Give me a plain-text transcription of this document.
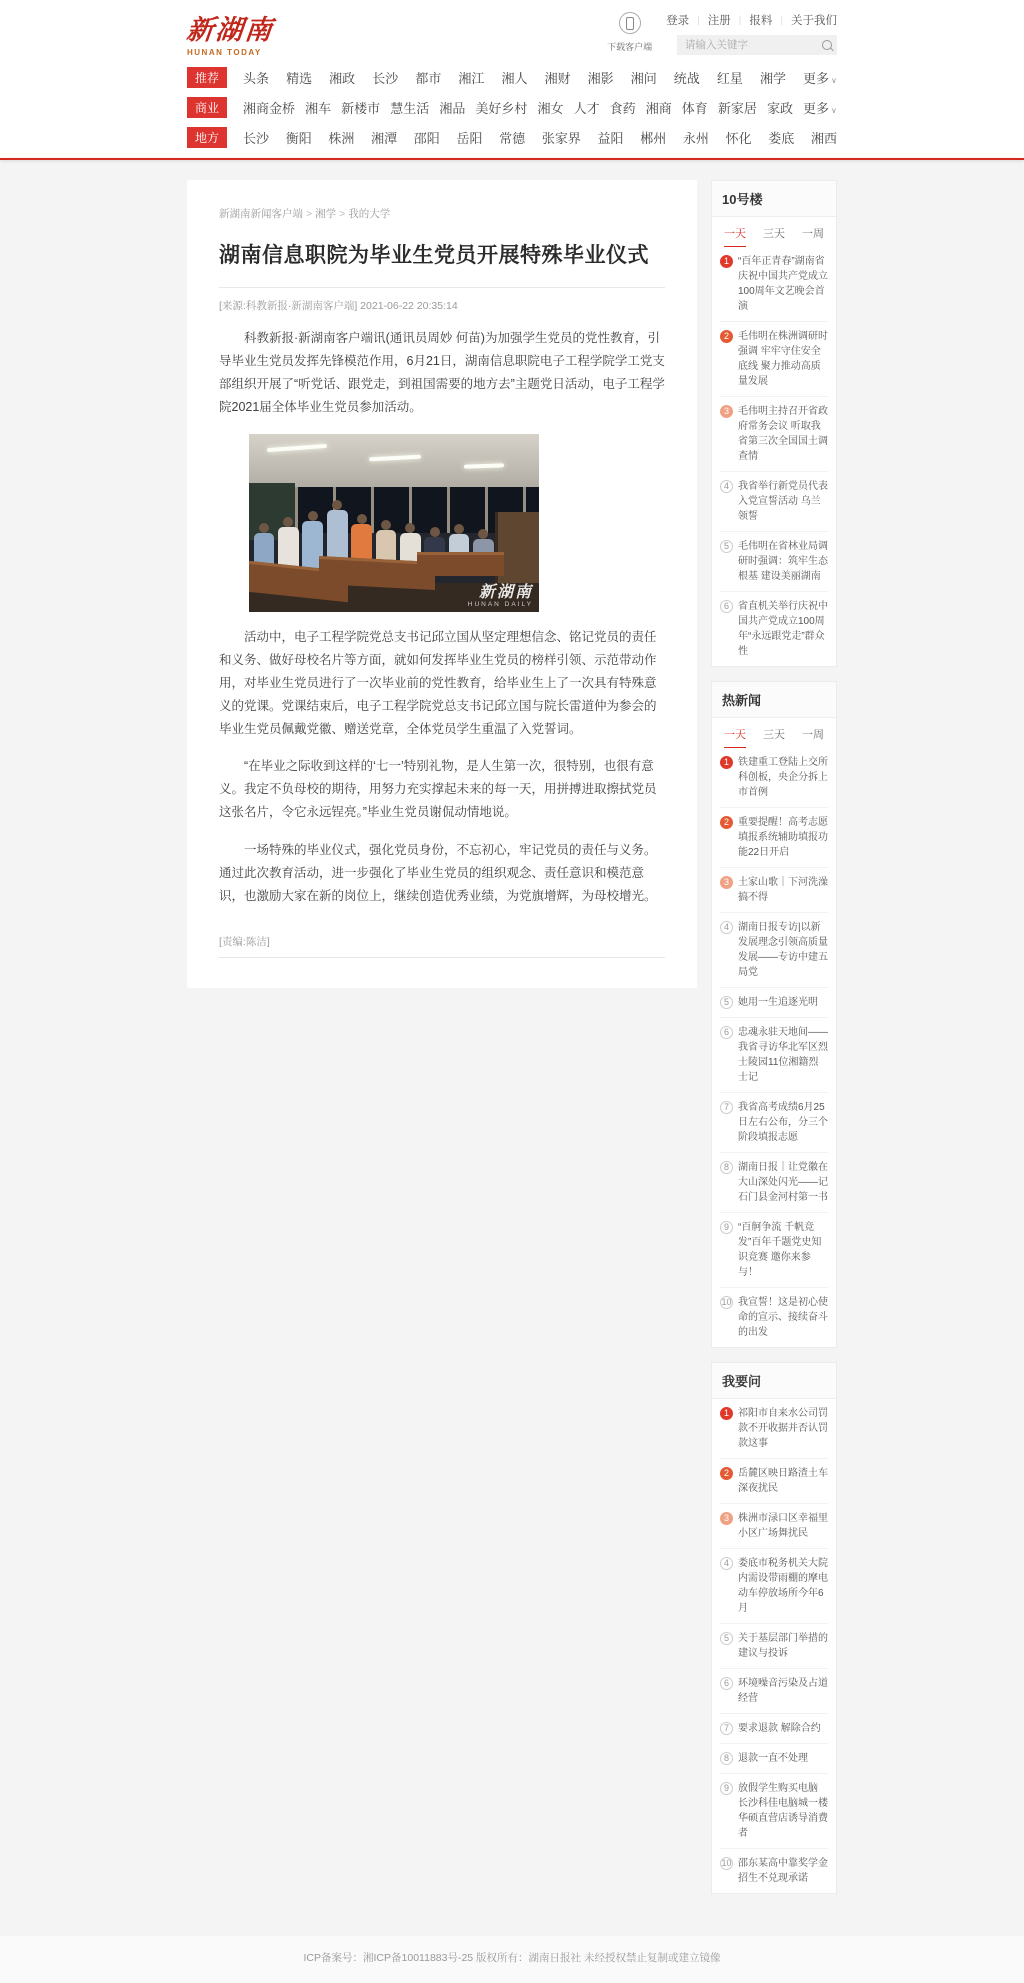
新湖南
HUNAN TODAY
下载客户端
登录 | 注册 | 报料 | 关于我们
请输入关键字
推荐	头条 精选 湘政 长沙 都市 湘江 湘人 湘财 湘影 湘问 统战 红星 湘学 更多 ∨
商业	湘商金桥 湘车 新楼市 慧生活 湘品 美好乡村 湘女 人才 食药 湘商 体育 新家居 家政 更多 ∨
地方	长沙 衡阳 株洲 湘潭 邵阳 岳阳 常德 张家界 益阳 郴州 永州 怀化 娄底 湘西
新湖南新闻客户端 > 湘学 > 我的大学
湖南信息职院为毕业生党员开展特殊毕业仪式
[来源:科教新报·新湖南客户端] 2021-06-22 20:35:14

科教新报·新湖南客户端讯(通讯员周妙 何苗)为加强学生党员的党性教育，引导毕业生党员发挥先锋模范作用，6月21日，湖南信息职院电子工程学院学工党支部组织开展了“听党话、跟党走，到祖国需要的地方去”主题党日活动，电子工程学院2021届全体毕业生党员参加活动。

新湖南
HUNAN DAILY

活动中，电子工程学院党总支书记邱立国从坚定理想信念、铭记党员的责任和义务、做好母校名片等方面，就如何发挥毕业生党员的榜样引领、示范带动作用，对毕业生党员进行了一次毕业前的党性教育，给毕业生上了一次具有特殊意义的党课。党课结束后，电子工程学院党总支书记邱立国与院长雷道仲为参会的毕业生党员佩戴党徽、赠送党章，全体党员学生重温了入党誓词。

“在毕业之际收到这样的‘七一’特别礼物，是人生第一次，很特别，也很有意义。我定不负母校的期待，用努力充实撑起未来的每一天，用拼搏进取擦拭党员这张名片，令它永远锃亮。”毕业生党员谢侃动情地说。

一场特殊的毕业仪式，强化党员身份，不忘初心，牢记党员的责任与义务。通过此次教育活动，进一步强化了毕业生党员的组织观念、责任意识和模范意识，也激励大家在新的岗位上，继续创造优秀业绩，为党旗增辉，为母校增光。

[责编:陈洁]
10号楼
一天 三天 一周
1 “百年正青春”湖南省庆祝中国共产党成立100周年文艺晚会首演
2 毛伟明在株洲调研时强调 牢牢守住安全底线 聚力推动高质量发展
3 毛伟明主持召开省政府常务会议 听取我省第三次全国国土调查情
4 我省举行新党员代表入党宣誓活动 乌兰领誓
5 毛伟明在省林业局调研时强调：筑牢生态根基 建设美丽湖南
6 省直机关举行庆祝中国共产党成立100周年“永远跟党走”群众性
热新闻
一天 三天 一周
1 铁建重工登陆上交所科创板，央企分拆上市首例
2 重要提醒！高考志愿填报系统辅助填报功能22日开启
3 土家山歌｜下河洗澡搞不得
4 湖南日报专访|以新发展理念引领高质量发展——专访中建五局党
5 她用一生追逐光明
6 忠魂永驻天地间——我省寻访华北军区烈士陵园11位湘籍烈士记
7 我省高考成绩6月25日左右公布，分三个阶段填报志愿
8 湖南日报｜让党徽在大山深处闪光——记石门县金河村第一书
9 “百舸争流 千帆竞发”百年千题党史知识竞赛 邀你来参与！
10 我宣誓！这是初心使命的宣示、接续奋斗的出发
我要问
1 祁阳市自来水公司罚款不开收据并否认罚款这事
2 岳麓区映日路渣土车深夜扰民
3 株洲市渌口区幸福里小区广场舞扰民
4 娄底市税务机关大院内需设带雨棚的摩电动车停放场所今年6月
5 关于基层部门举措的建议与投诉
6 环境噪音污染及占道经营
7 要求退款 解除合约
8 退款一直不处理
9 放假学生购买电脑 长沙科佳电脑城一楼华硕直营店诱导消费者
10 邵东某高中靠奖学金招生不兑现承诺
ICP备案号：湘ICP备10011883号-25 版权所有：湖南日报社 未经授权禁止复制或建立镜像
